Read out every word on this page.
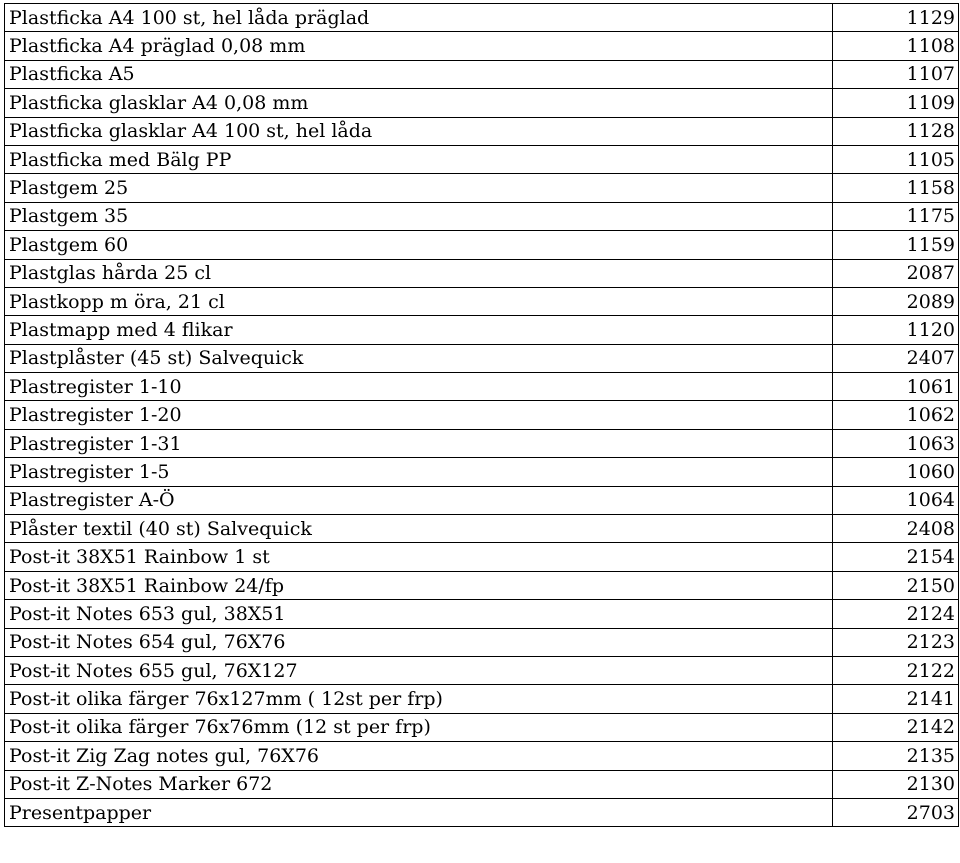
Plastficka A4 100 st, hel låda präglad	1129
Plastficka A4 präglad 0,08 mm	1108
Plastficka A5	1107
Plastficka glasklar A4 0,08 mm	1109
Plastficka glasklar A4 100 st, hel låda	1128
Plastficka med Bälg PP	1105
Plastgem 25	1158
Plastgem 35	1175
Plastgem 60	1159
Plastglas hårda 25 cl	2087
Plastkopp m öra, 21 cl	2089
Plastmapp med 4 flikar	1120
Plastplåster (45 st) Salvequick	2407
Plastregister 1-10	1061
Plastregister 1-20	1062
Plastregister 1-31	1063
Plastregister 1-5	1060
Plastregister A-Ö	1064
Plåster textil (40 st) Salvequick	2408
Post-it 38X51 Rainbow 1 st	2154
Post-it 38X51 Rainbow 24/fp	2150
Post-it Notes 653 gul, 38X51	2124
Post-it Notes 654 gul, 76X76	2123
Post-it Notes 655 gul, 76X127	2122
Post-it olika färger 76x127mm ( 12st per frp)	2141
Post-it olika färger 76x76mm (12 st per frp)	2142
Post-it Zig Zag notes gul, 76X76	2135
Post-it Z-Notes Marker 672	2130
Presentpapper	2703
